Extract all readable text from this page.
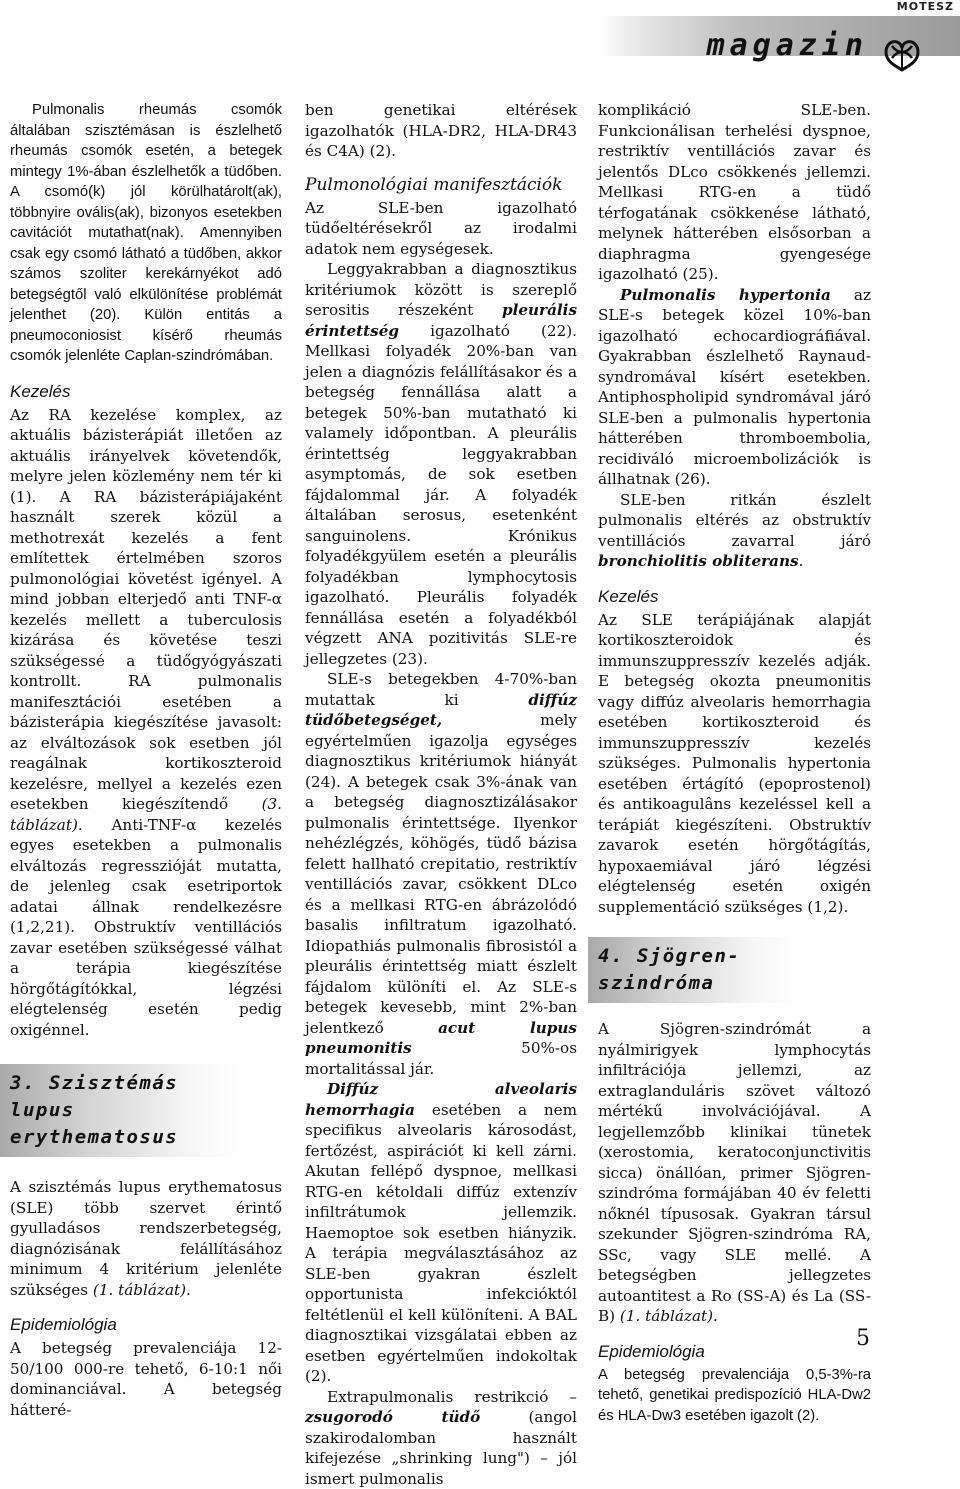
MOTESZ
magazin

Pulmonalis rheumás csomók általában szisztémásan is észlelhető rheumás csomók esetén, a betegek mintegy 1%-ában észlelhetők a tüdőben. A csomó(k) jól körülhatárolt(ak), többnyire ovális(ak), bizonyos esetekben cavitációt mutathat(nak). Amennyiben csak egy csomó látható a tüdőben, akkor számos szoliter kerekárnyékot adó betegségtől való elkülönítése problémát jelenthet (20). Külön entitás a pneumoconiosist kísérő rheumás csomók jelenléte Caplan-szindrómában.

Kezelés

Az RA kezelése komplex, az aktuális bázisterápiát illetően az aktuális irányelvek követendők, melyre jelen közlemény nem tér ki (1). A RA bázisterápiájaként használt szerek közül a methotrexát kezelés a fent említettek értelmében szoros pulmonológiai követést igényel. A mind jobban elterjedő anti TNF-α kezelés mellett a tuberculosis kizárása és követése teszi szükségessé a tüdőgyógyászati kontrollt. RA pulmonalis manifesztációi esetében a bázisterápia kiegészítése javasolt: az elváltozások sok esetben jól reagálnak kortikoszteroid kezelésre, mellyel a kezelés ezen esetekben kiegészítendő (3. táblázat). Anti-TNF-α kezelés egyes esetekben a pulmonalis elváltozás regresszióját mutatta, de jelenleg csak esetriportok adatai állnak rendelkezésre (1,2,21). Obstruktív ventillációs zavar esetében szükségessé válhat a terápia kiegészítése hörgőtágítókkal, légzési elégtelenség esetén pedig oxigénnel.

3. Szisztémás lupus erythematosus

A szisztémás lupus erythematosus (SLE) több szervet érintő gyulladásos rendszerbetegség, diagnózisának felállításához minimum 4 kritérium jelenléte szükséges (1. táblázat).

Epidemiológia

A betegség prevalenciája 12-50/100 000-re tehető, 6-10:1 női dominanciával. A betegség hátteré-

ben genetikai eltérések igazolhatók (HLA-DR2, HLA-DR43 és C4A) (2).

Pulmonológiai manifesztációk

Az SLE-ben igazolható tüdőeltérésekről az irodalmi adatok nem egységesek.

Leggyakrabban a diagnosztikus kritériumok között is szereplő serositis részeként pleurális érintettség igazolható (22). Mellkasi folyadék 20%-ban van jelen a diagnózis felállításakor és a betegség fennállása alatt a betegek 50%-ban mutatható ki valamely időpontban. A pleurális érintettség leggyakrabban asymptomás, de sok esetben fájdalommal jár. A folyadék általában serosus, esetenként sanguinolens. Krónikus folyadékgyülem esetén a pleurális folyadékban lymphocytosis igazolható. Pleurális folyadék fennállása esetén a folyadékból végzett ANA pozitivitás SLE-re jellegzetes (23).

SLE-s betegekben 4-70%-ban mutattak ki diffúz tüdőbetegséget, mely egyértelműen igazolja egységes diagnosztikus kritériumok hiányát (24). A betegek csak 3%-ának van a betegség diagnosztizálásakor pulmonalis érintettsége. Ilyenkor nehézlégzés, köhögés, tüdő bázisa felett hallható crepitatio, restriktív ventillációs zavar, csökkent DLco és a mellkasi RTG-en ábrázolódó basalis infiltratum igazolható. Idiopathiás pulmonalis fibrosistól a pleurális érintettség miatt észlelt fájdalom különíti el. Az SLE-s betegek kevesebb, mint 2%-ban jelentkező acut lupus pneumonitis 50%-os mortalitással jár.

Diffúz alveolaris hemorrhagia esetében a nem specifikus alveolaris károsodást, fertőzést, aspirációt ki kell zárni. Akutan fellépő dyspnoe, mellkasi RTG-en kétoldali diffúz extenzív infiltrátumok jellemzik. Haemoptoe sok esetben hiányzik. A terápia megválasztásához az SLE-ben gyakran észlelt opportunista infekcióktól feltétlenül el kell különíteni. A BAL diagnosztikai vizsgálatai ebben az esetben egyértelműen indokoltak (2).

Extrapulmonalis restrikció – zsugorodó tüdő (angol szakirodalomban használt kifejezése „shrinking lung") – jól ismert pulmonalis

komplikáció SLE-ben. Funkcionálisan terhelési dyspnoe, restriktív ventillációs zavar és jelentős DLco csökkenés jellemzi. Mellkasi RTG-en a tüdő térfogatának csökkenése látható, melynek hátterében elsősorban a diaphragma gyengesége igazolható (25).

Pulmonalis hypertonia az SLE-s betegek közel 10%-ban igazolható echocardiográfiával. Gyakrabban észlelhető Raynaud-syndromával kísért esetekben. Antiphospholipid syndromával járó SLE-ben a pulmonalis hypertonia hátterében thromboembolia, recidiváló microembolizációk is állhatnak (26).

SLE-ben ritkán észlelt pulmonalis eltérés az obstruktív ventillációs zavarral járó bronchiolitis obliterans.

Kezelés

Az SLE terápiájának alapját kortikoszteroidok és immunszuppresszív kezelés adják. E betegség okozta pneumonitis vagy diffúz alveolaris hemorrhagia esetében kortikoszteroid és immunszuppresszív kezelés szükséges. Pulmonalis hypertonia esetében értágító (epoprostenol) és antikoagulâns kezeléssel kell a terápiát kiegészíteni. Obstruktív zavarok esetén hörgőtágítás, hypoxaemiával járó légzési elégtelenség esetén oxigén supplementáció szükséges (1,2).

4. Sjögren-szindróma

A Sjögren-szindrómát a nyálmirigyek lymphocytás infiltrációja jellemzi, az extraglanduláris szövet változó mértékű involvációjával. A legjellemzőbb klinikai tünetek (xerostomia, keratoconjunctivitis sicca) önállóan, primer Sjögren-szindróma formájában 40 év feletti nőknél típusosak. Gyakran társul szekunder Sjögren-szindróma RA, SSc, vagy SLE mellé. A betegségben jellegzetes autoantitest a Ro (SS-A) és La (SS-B) (1. táblázat).

Epidemiológia

A betegség prevalenciája 0,5-3%-ra tehető, genetikai predispozíció HLA-Dw2 és HLA-Dw3 esetében igazolt (2).

5
